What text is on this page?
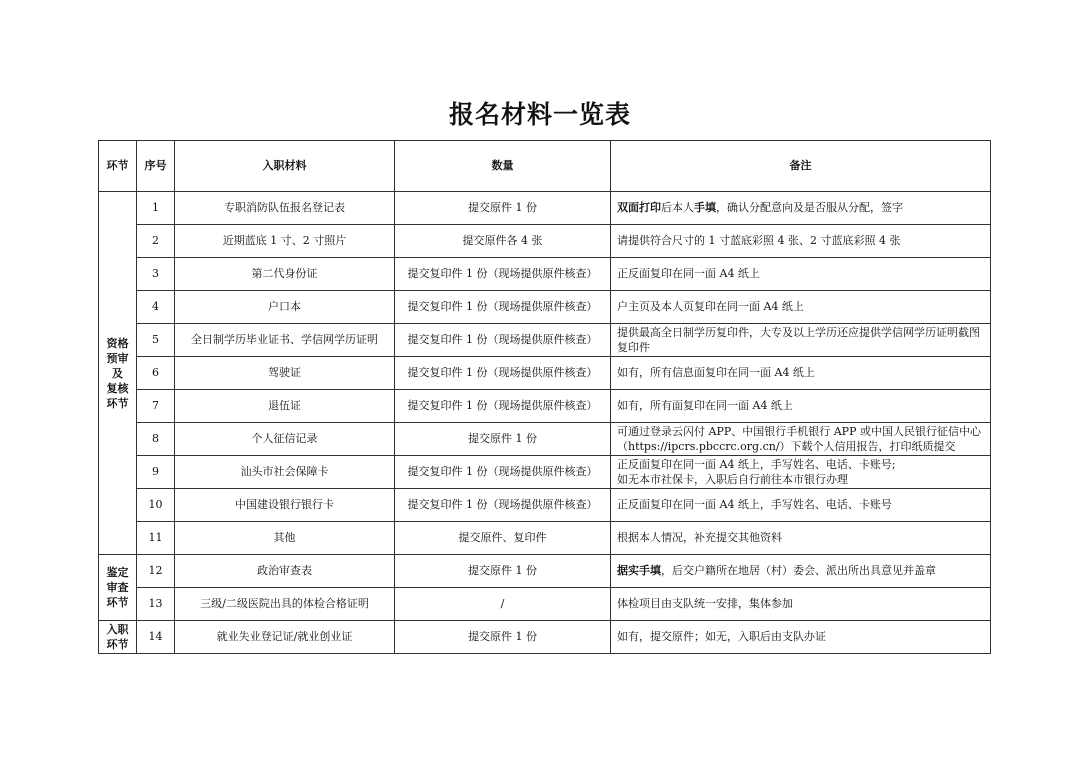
报名材料一览表
环节	序号	入职材料	数量	备注

资格
预审
及
复核
环节	1	专职消防队伍报名登记表	提交原件 1 份	双面打印后本人手填，确认分配意向及是否服从分配，签字
	2	近期蓝底 1 寸、2 寸照片	提交原件各 4 张	请提供符合尺寸的 1 寸蓝底彩照 4 张、2 寸蓝底彩照 4 张
	3	第二代身份证	提交复印件 1 份（现场提供原件核查）	正反面复印在同一面 A4 纸上
	4	户口本	提交复印件 1 份（现场提供原件核查）	户主页及本人页复印在同一面 A4 纸上
	5	全日制学历毕业证书、学信网学历证明	提交复印件 1 份（现场提供原件核查）	提供最高全日制学历复印件，大专及以上学历还应提供学信网学历证明截图复印件
	6	驾驶证	提交复印件 1 份（现场提供原件核查）	如有，所有信息面复印在同一面 A4 纸上
	7	退伍证	提交复印件 1 份（现场提供原件核查）	如有，所有面复印在同一面 A4 纸上
	8	个人征信记录	提交原件 1 份	可通过登录云闪付 APP、中国银行手机银行 APP 或中国人民银行征信中心（https://ipcrs.pbccrc.org.cn/）下载个人信用报告，打印纸质提交
	9	汕头市社会保障卡	提交复印件 1 份（现场提供原件核查）	正反面复印在同一面 A4 纸上，手写姓名、电话、卡账号;
如无本市社保卡，入职后自行前往本市银行办理

	10	中国建设银行银行卡	提交复印件 1 份（现场提供原件核查）	正反面复印在同一面 A4 纸上，手写姓名、电话、卡账号
	11	其他	提交原件、复印件	根据本人情况，补充提交其他资料

鉴定
审查
环节	12	政治审查表	提交原件 1 份	据实手填，后交户籍所在地居（村）委会、派出所出具意见并盖章
	13	三级/二级医院出具的体检合格证明	/	体检项目由支队统一安排，集体参加

入职
环节	14	就业失业登记证/就业创业证	提交原件 1 份	如有，提交原件；如无，入职后由支队办证
